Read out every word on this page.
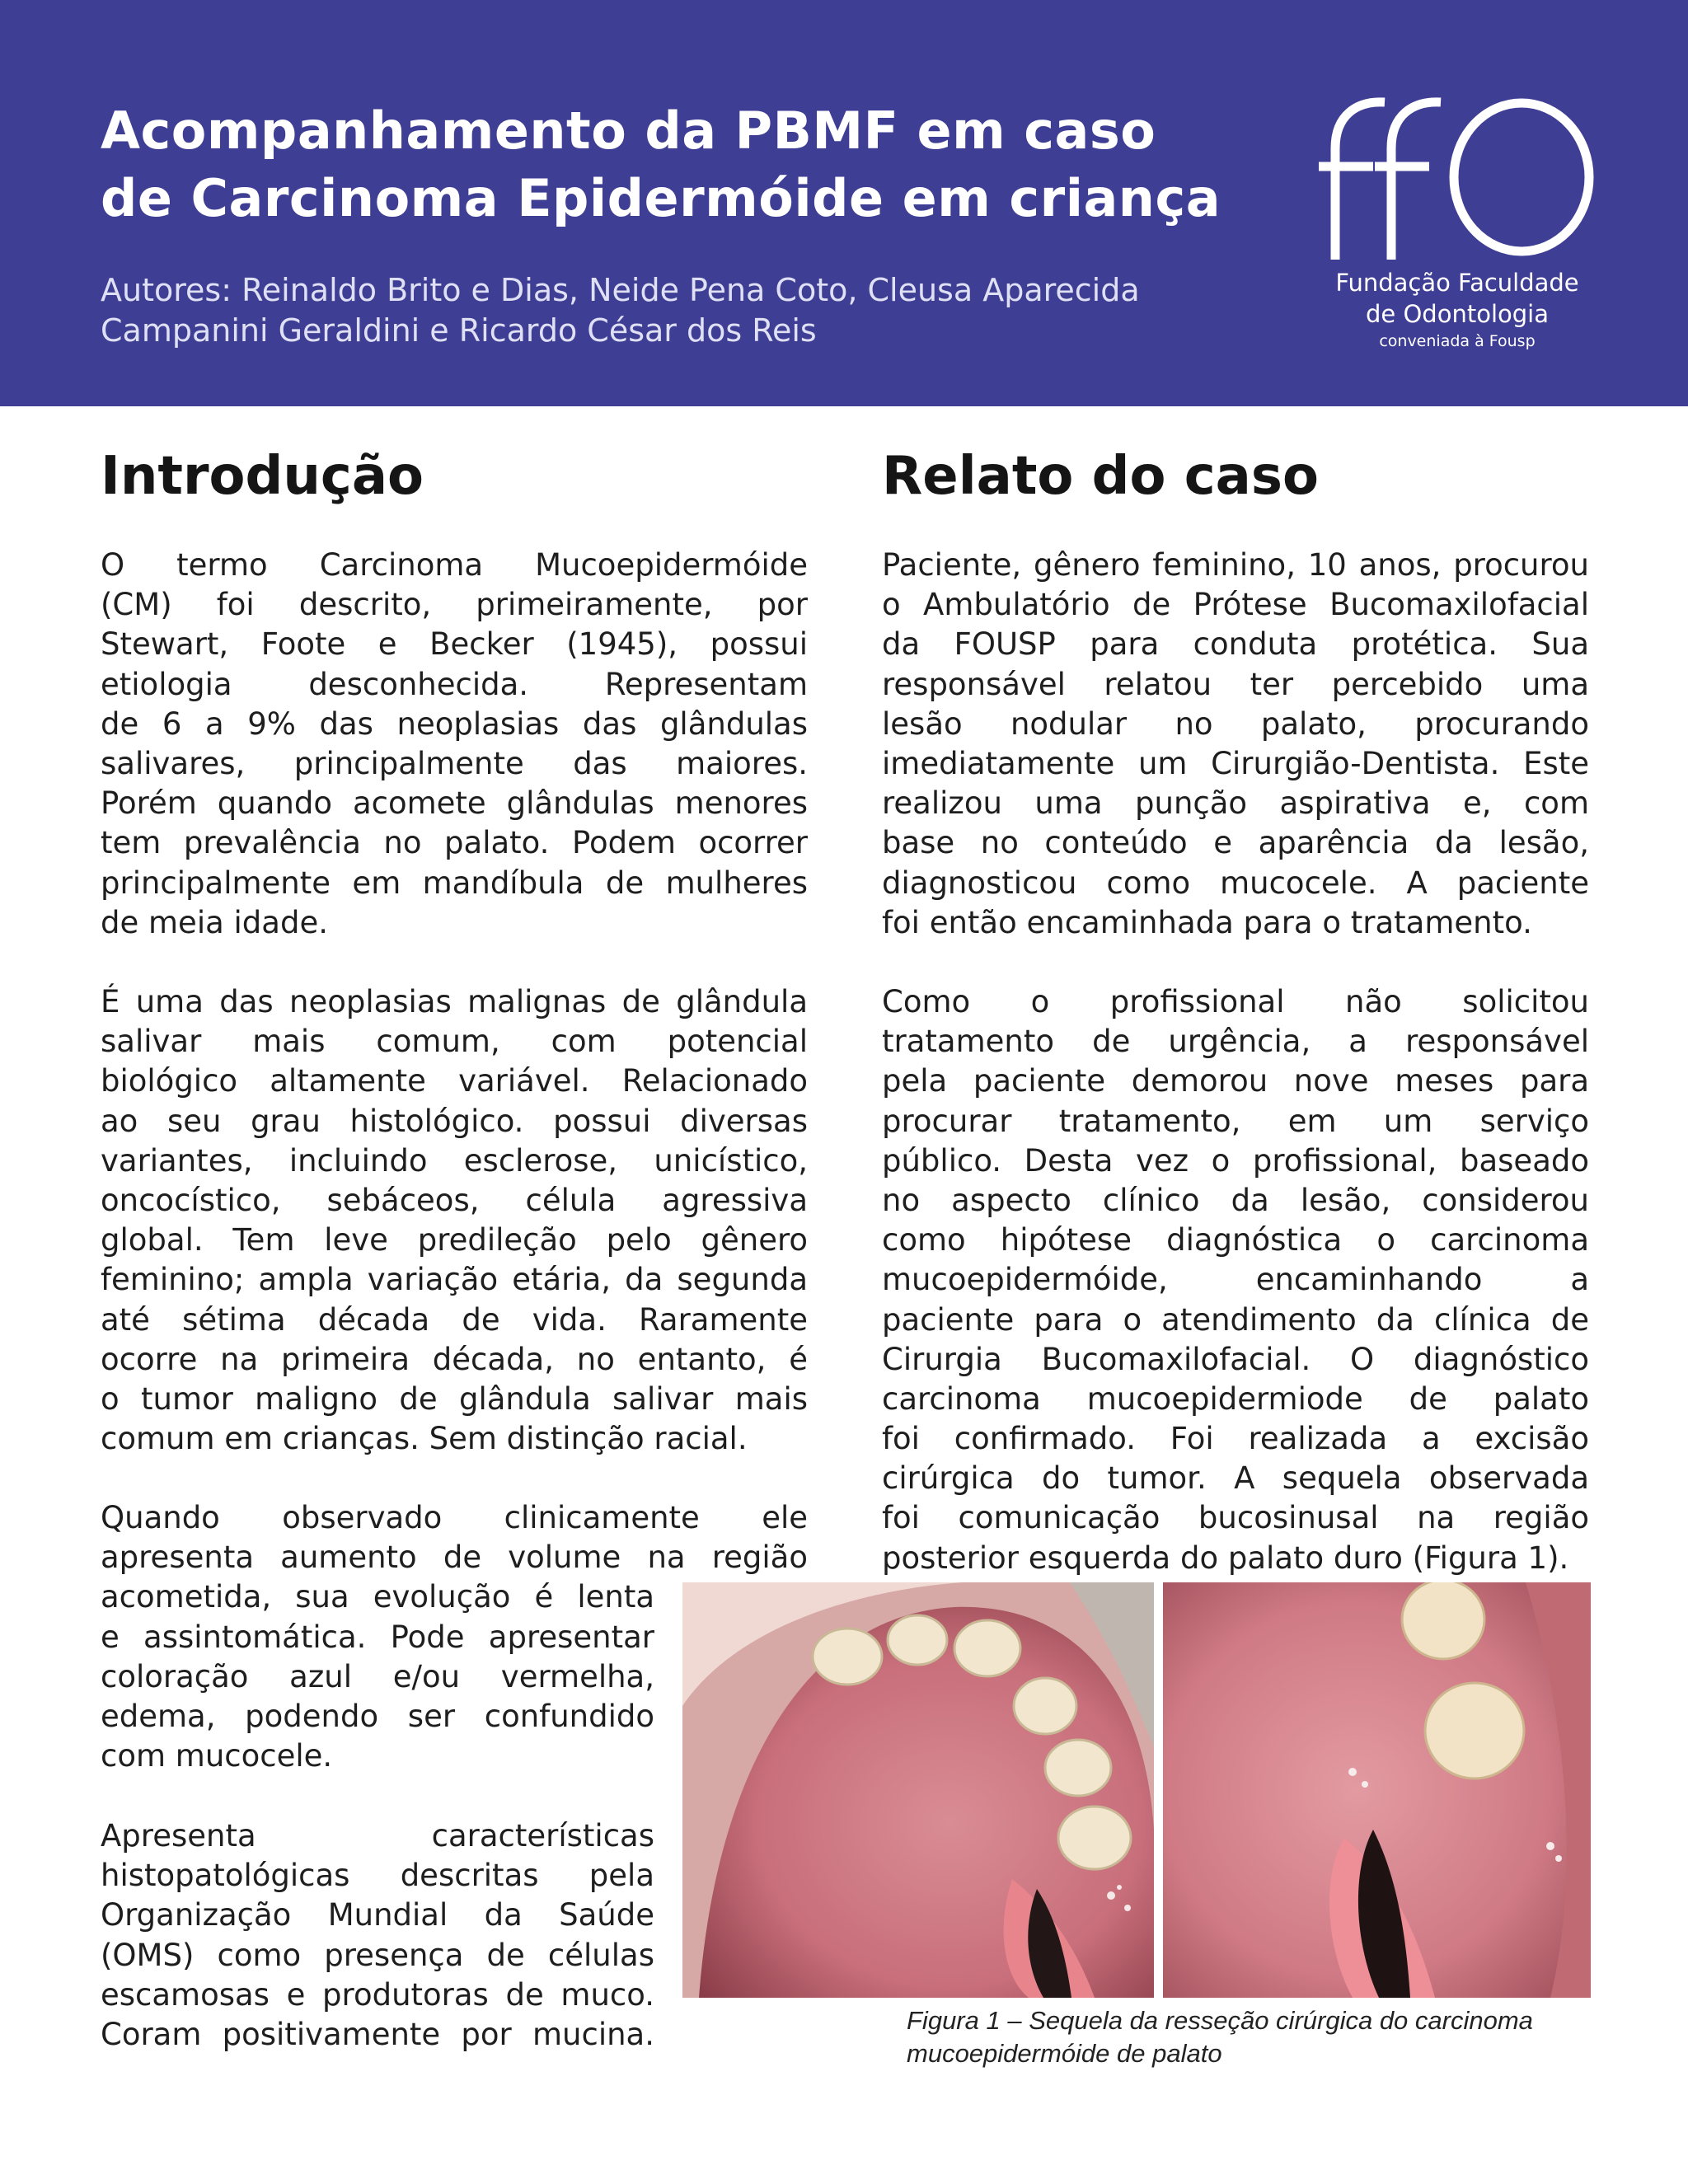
Acompanhamento da PBMF em caso
de Carcinoma Epidermóide em criança
Autores: Reinaldo Brito e Dias, Neide Pena Coto, Cleusa Aparecida
Campanini Geraldini e Ricardo César dos Reis
ffO
Fundação Faculdade
de Odontologia
conveniada à Fousp
Introdução	Relato do caso
O termo Carcinoma Mucoepidermóide
(CM) foi descrito, primeiramente, por
Stewart, Foote e Becker (1945), possui
etiologia desconhecida. Representam
de 6 a 9% das neoplasias das glândulas
salivares, principalmente das maiores.
Porém quando acomete glândulas menores
tem prevalência no palato. Podem ocorrer
principalmente em mandíbula de mulheres
de meia idade.
É uma das neoplasias malignas de glândula
salivar mais comum, com potencial
biológico altamente variável. Relacionado
ao seu grau histológico. possui diversas
variantes, incluindo esclerose, unicístico,
oncocístico, sebáceos, célula agressiva
global. Tem leve predileção pelo gênero
feminino; ampla variação etária, da segunda
até sétima década de vida. Raramente
ocorre na primeira década, no entanto, é
o tumor maligno de glândula salivar mais
comum em crianças. Sem distinção racial.
Quando observado clinicamente ele
apresenta aumento de volume na região
acometida, sua evolução é lenta
e assintomática. Pode apresentar
coloração azul e/ou vermelha,
edema, podendo ser confundido
com mucocele.
Apresenta características
histopatológicas descritas pela
Organização Mundial da Saúde
(OMS) como presença de células
escamosas e produtoras de muco.
Coram positivamente por mucina.
Paciente, gênero feminino, 10 anos, procurou
o Ambulatório de Prótese Bucomaxilofacial
da FOUSP para conduta protética. Sua
responsável relatou ter percebido uma
lesão nodular no palato, procurando
imediatamente um Cirurgião-Dentista. Este
realizou uma punção aspirativa e, com
base no conteúdo e aparência da lesão,
diagnosticou como mucocele. A paciente
foi então encaminhada para o tratamento.
Como o profissional não solicitou
tratamento de urgência, a responsável
pela paciente demorou nove meses para
procurar tratamento, em um serviço
público. Desta vez o profissional, baseado
no aspecto clínico da lesão, considerou
como hipótese diagnóstica o carcinoma
mucoepidermóide, encaminhando a
paciente para o atendimento da clínica de
Cirurgia Bucomaxilofacial. O diagnóstico
carcinoma mucoepidermiode de palato
foi confirmado. Foi realizada a excisão
cirúrgica do tumor. A sequela observada
foi comunicação bucosinusal na região
posterior esquerda do palato duro (Figura 1).
Figura 1 – Sequela da resseção cirúrgica do carcinoma
mucoepidermóide de palato
